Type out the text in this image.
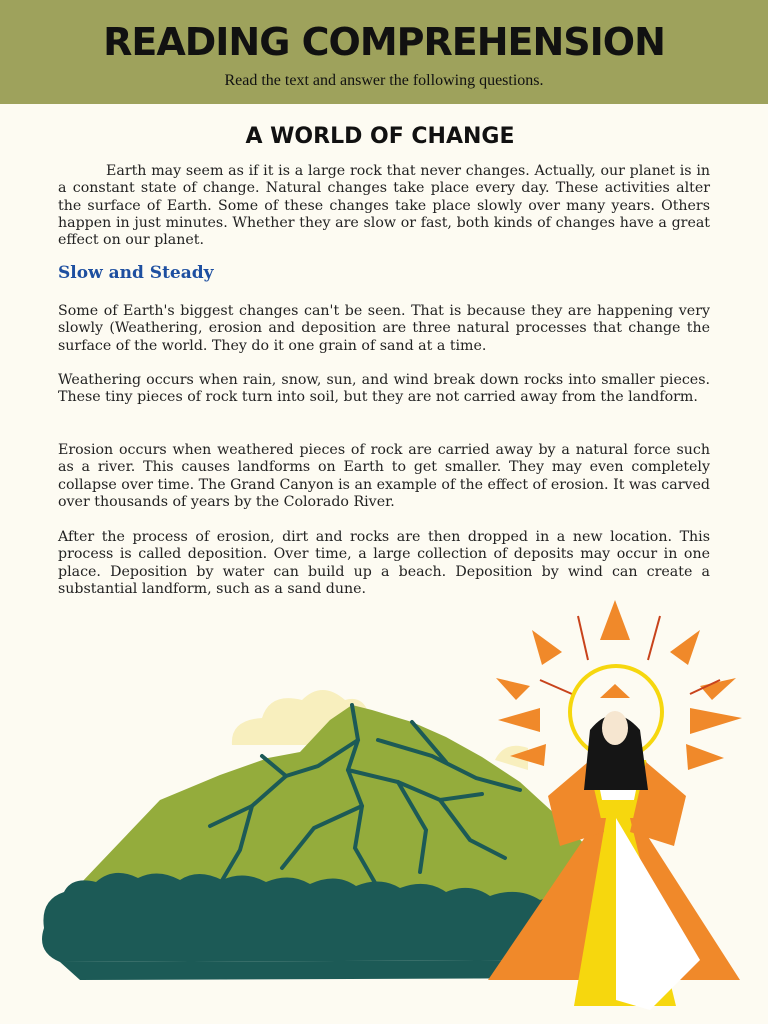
READING COMPREHENSION
Read the text and answer the following questions.
A WORLD OF CHANGE

Earth may seem as if it is a large rock that never changes. Actually, our planet is in a constant state of change. Natural changes take place every day. These activities alter the surface of Earth. Some of these changes take place slowly over many years. Others happen in just minutes. Whether they are slow or fast, both kinds of changes have a great effect on our planet.

Slow and Steady

Some of Earth's biggest changes can't be seen. That is because they are happening very slowly (Weathering, erosion and deposition are three natural processes that change the surface of the world. They do it one grain of sand at a time.

Weathering occurs when rain, snow, sun, and wind break down rocks into smaller pieces. These tiny pieces of rock turn into soil, but they are not carried away from the landform.

Erosion occurs when weathered pieces of rock are carried away by a natural force such as a river. This causes landforms on Earth to get smaller. They may even completely collapse over time. The Grand Canyon is an example of the effect of erosion. It was carved over thousands of years by the Colorado River.

After the process of erosion, dirt and rocks are then dropped in a new location. This process is called deposition. Over time, a large collection of deposits may occur in one place. Deposition by water can build up a beach. Deposition by wind can create a substantial landform, such as a sand dune.
